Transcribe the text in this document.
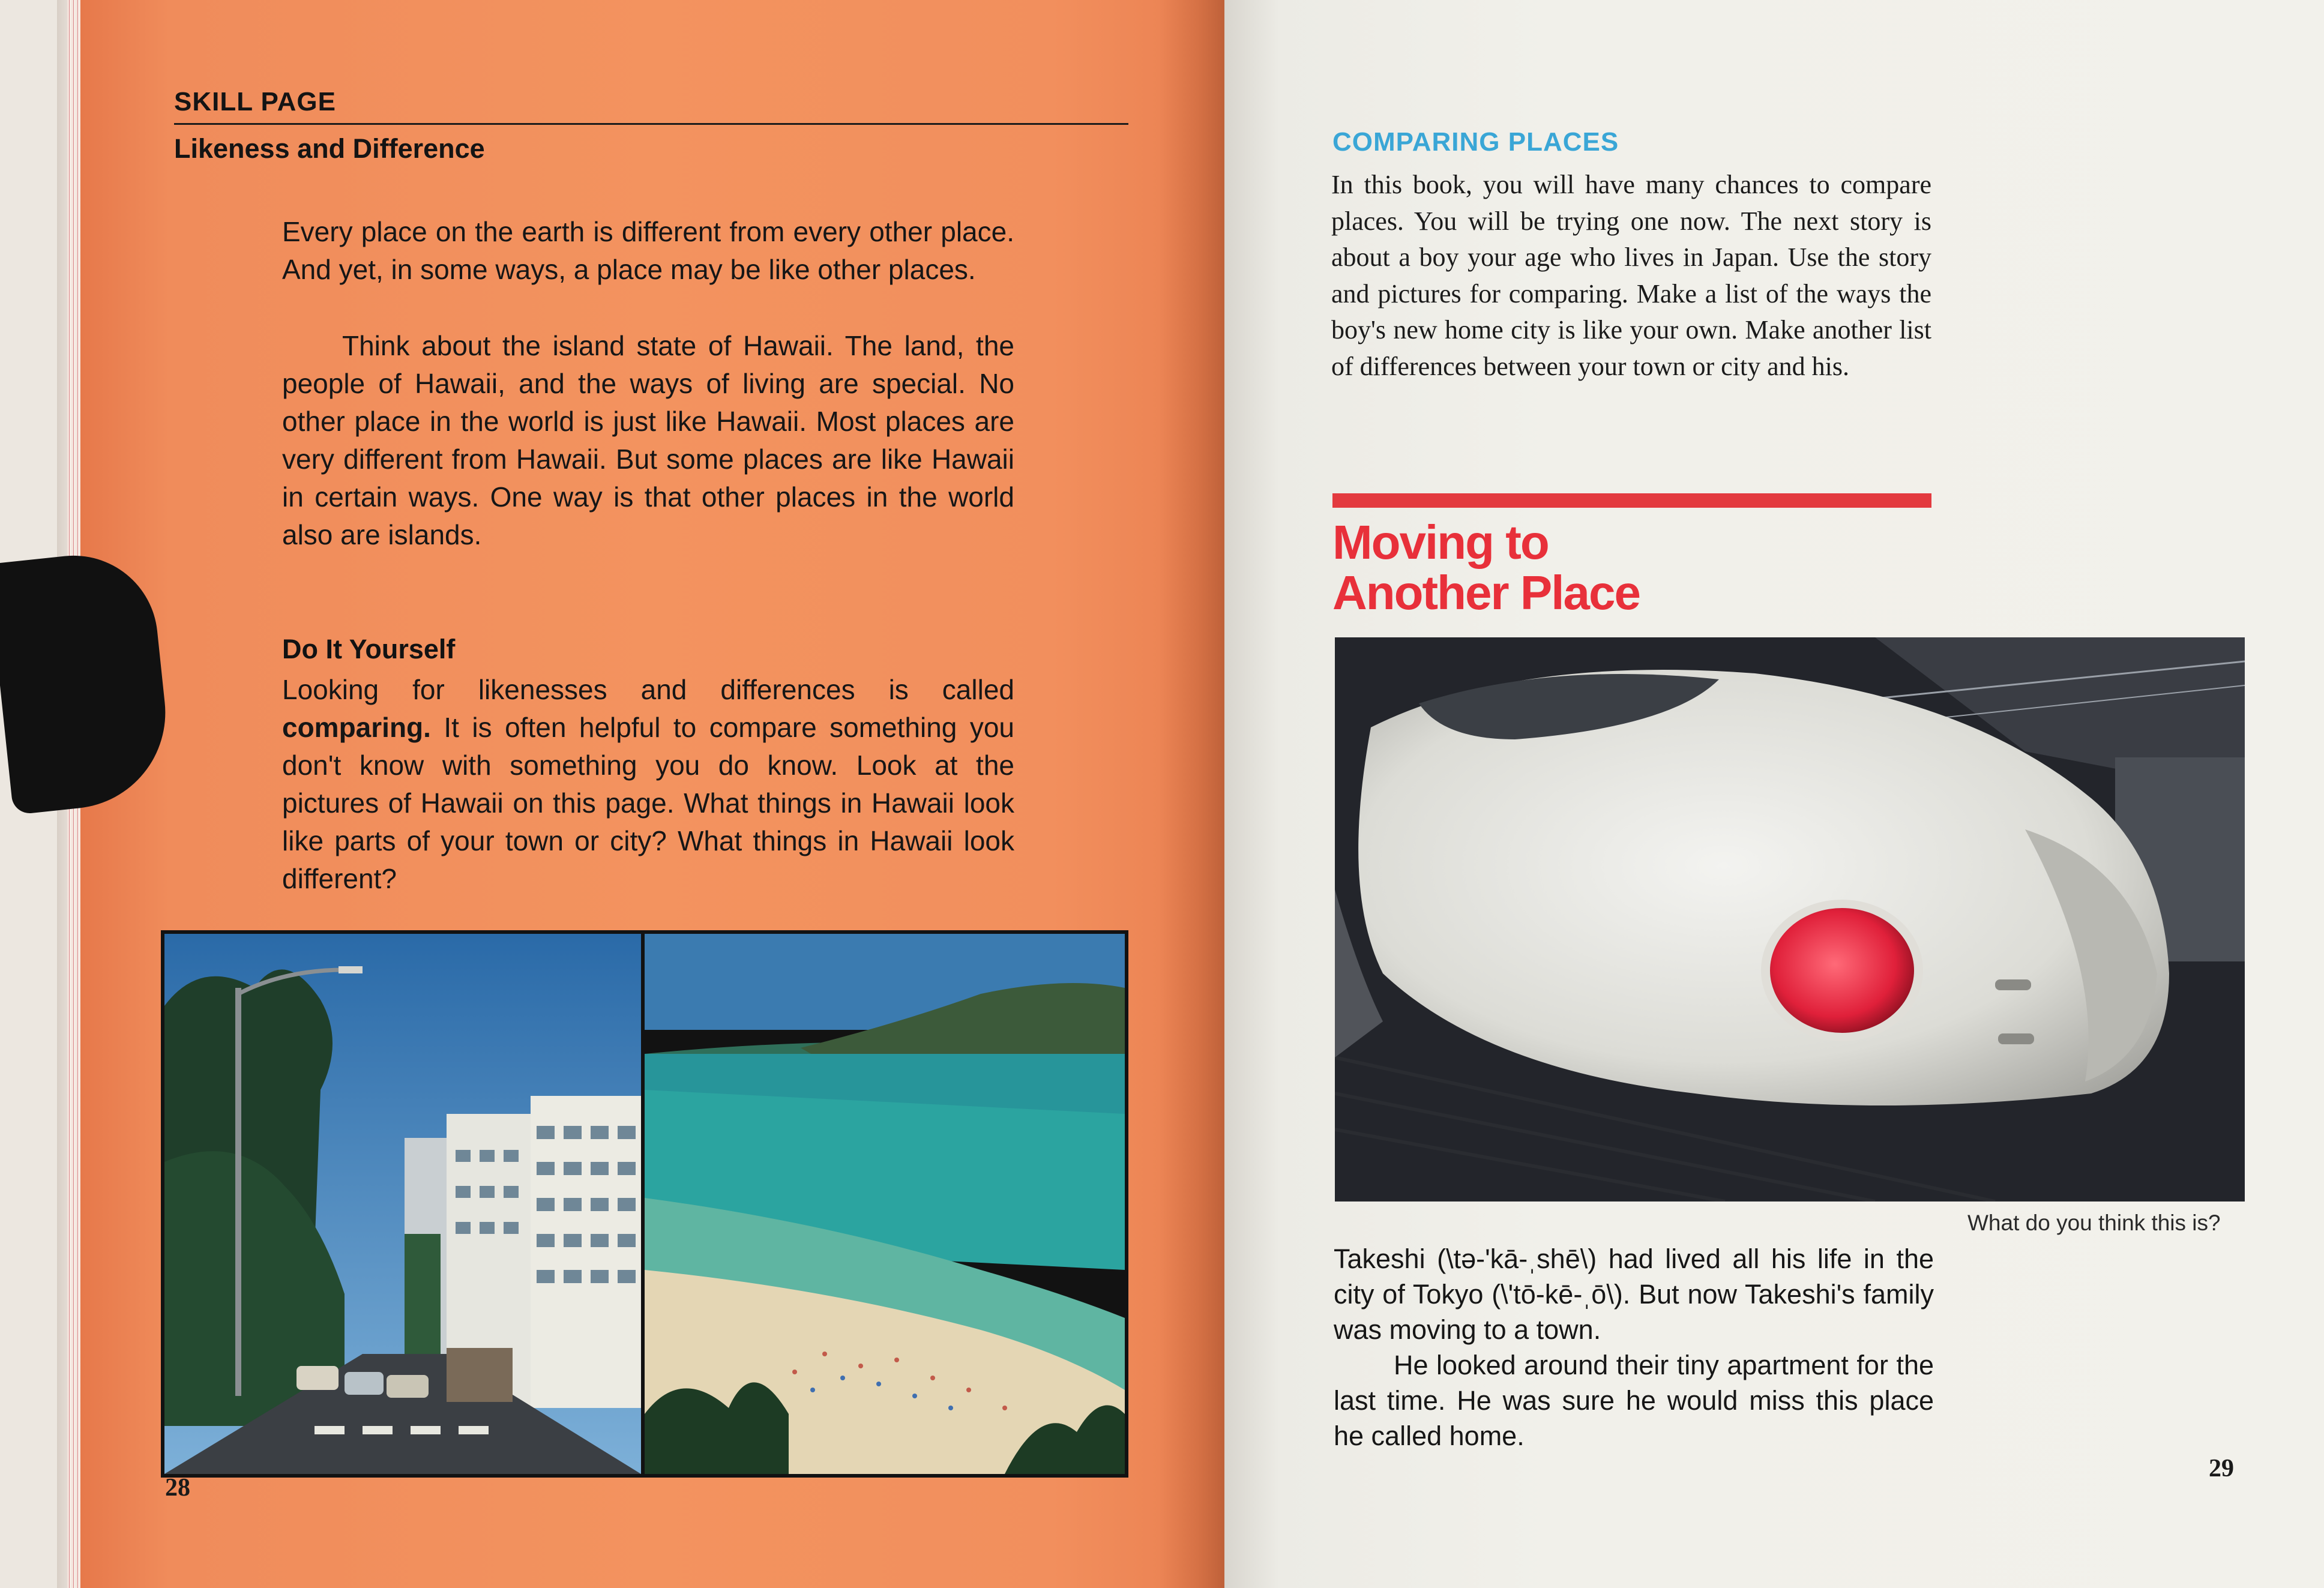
SKILL PAGE
Likeness and Difference

Every place on the earth is different from every other place. And yet, in some ways, a place may be like other places.

Think about the island state of Hawaii. The land, the people of Hawaii, and the ways of living are special. No other place in the world is just like Hawaii. Most places are very different from Hawaii. But some places are like Hawaii in certain ways. One way is that other places in the world also are islands.

Do It Yourself

Looking for likenesses and differences is called comparing. It is often helpful to compare something you don't know with something you do know. Look at the pictures of Hawaii on this page. What things in Hawaii look like parts of your town or city? What things in Hawaii look different?

28
COMPARING PLACES
In this book, you will have many chances to compare places. You will be trying one now. The next story is about a boy your age who lives in Japan. Use the story and pictures for comparing. Make a list of the ways the boy's new home city is like your own. Make another list of differences between your town or city and his.
Moving to
Another Place
What do you think this is?

Takeshi (\tə-'kā-ˌshē\) had lived all his life in the city of Tokyo (\'tō-kē-ˌō\). But now Takeshi's family was moving to a town.

He looked around their tiny apartment for the last time. He was sure he would miss this place he called home.

29
